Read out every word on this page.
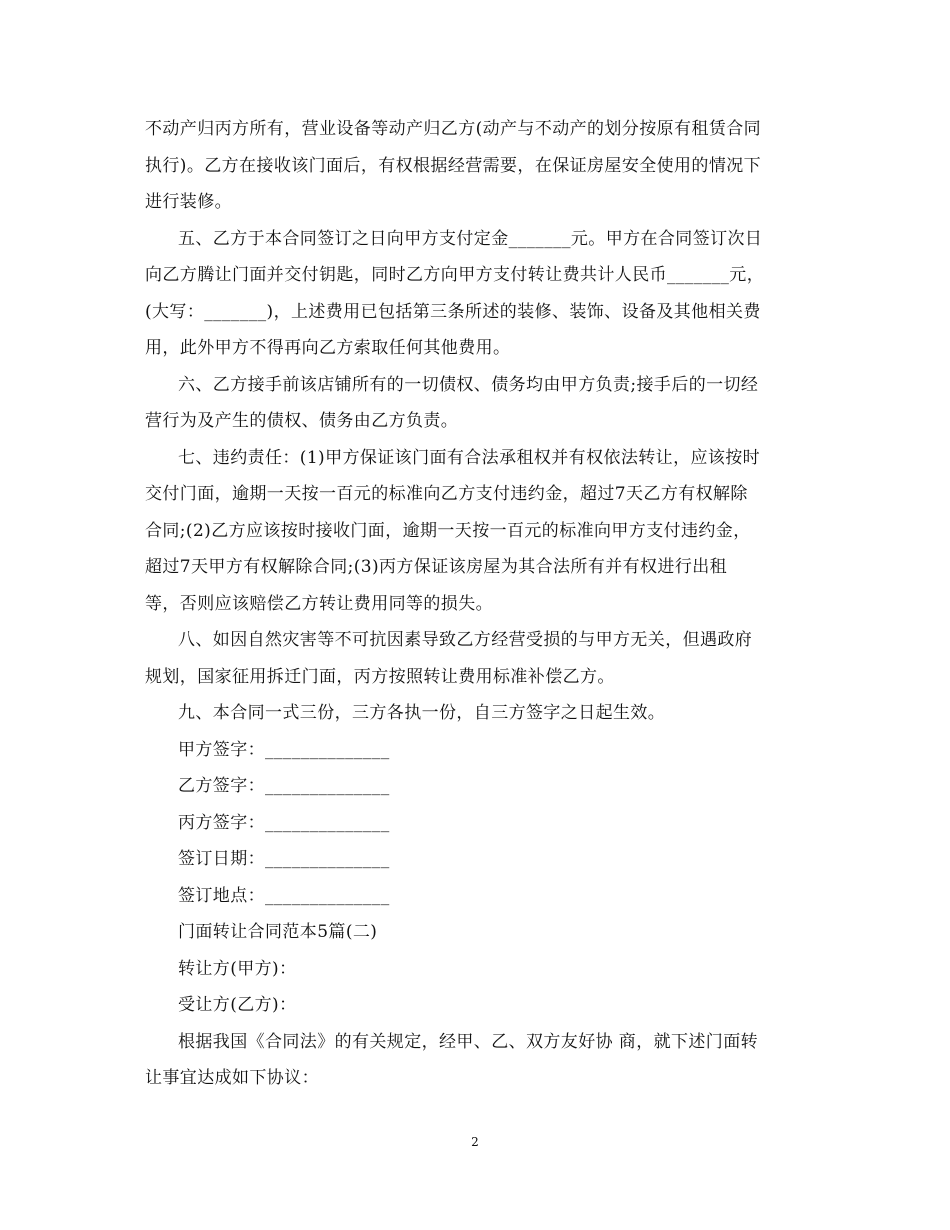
不动产归丙方所有，营业设备等动产归乙方(动产与不动产的划分按原有租赁合同
执行)。乙方在接收该门面后，有权根据经营需要，在保证房屋安全使用的情况下
进行装修。
五、乙方于本合同签订之日向甲方支付定金_______元。甲方在合同签订次日
向乙方腾让门面并交付钥匙，同时乙方向甲方支付转让费共计人民币_______元，
(大写：_______)，上述费用已包括第三条所述的装修、装饰、设备及其他相关费
用，此外甲方不得再向乙方索取任何其他费用。
六、乙方接手前该店铺所有的一切债权、债务均由甲方负责;接手后的一切经
营行为及产生的债权、债务由乙方负责。
七、违约责任：(1)甲方保证该门面有合法承租权并有权依法转让，应该按时
交付门面，逾期一天按一百元的标准向乙方支付违约金，超过7天乙方有权解除
合同;(2)乙方应该按时接收门面，逾期一天按一百元的标准向甲方支付违约金，
超过7天甲方有权解除合同;(3)丙方保证该房屋为其合法所有并有权进行出租
等，否则应该赔偿乙方转让费用同等的损失。
八、如因自然灾害等不可抗因素导致乙方经营受损的与甲方无关，但遇政府
规划，国家征用拆迁门面，丙方按照转让费用标准补偿乙方。
九、本合同一式三份，三方各执一份，自三方签字之日起生效。
甲方签字：______________
乙方签字：______________
丙方签字：______________
签订日期：______________
签订地点：______________
门面转让合同范本5篇(二)
转让方(甲方)：
受让方(乙方)：
根据我国《合同法》的有关规定，经甲、乙、双方友好协 商，就下述门面转
让事宜达成如下协议：
2
